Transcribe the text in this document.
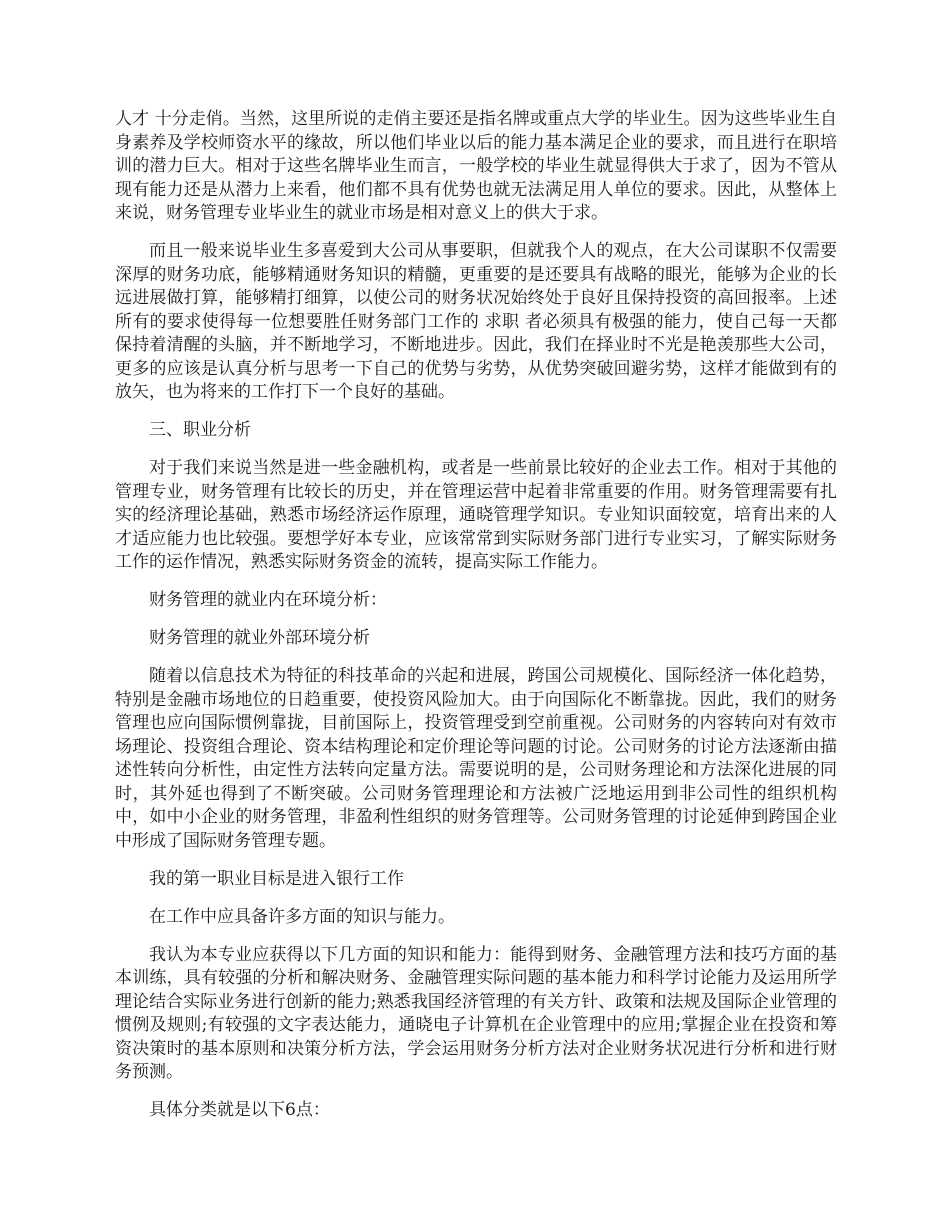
人才 十分走俏。当然，这里所说的走俏主要还是指名牌或重点大学的毕业生。因为这些毕业生自身素养及学校师资水平的缘故，所以他们毕业以后的能力基本满足企业的要求，而且进行在职培训的潜力巨大。相对于这些名牌毕业生而言，一般学校的毕业生就显得供大于求了，因为不管从现有能力还是从潜力上来看，他们都不具有优势也就无法满足用人单位的要求。因此，从整体上来说，财务管理专业毕业生的就业市场是相对意义上的供大于求。

而且一般来说毕业生多喜爱到大公司从事要职，但就我个人的观点，在大公司谋职不仅需要深厚的财务功底，能够精通财务知识的精髓，更重要的是还要具有战略的眼光，能够为企业的长远进展做打算，能够精打细算，以使公司的财务状况始终处于良好且保持投资的高回报率。上述所有的要求使得每一位想要胜任财务部门工作的 求职 者必须具有极强的能力，使自己每一天都保持着清醒的头脑，并不断地学习，不断地进步。因此，我们在择业时不光是艳羡那些大公司，更多的应该是认真分析与思考一下自己的优势与劣势，从优势突破回避劣势，这样才能做到有的放矢，也为将来的工作打下一个良好的基础。

三、职业分析

对于我们来说当然是进一些金融机构，或者是一些前景比较好的企业去工作。相对于其他的管理专业，财务管理有比较长的历史，并在管理运营中起着非常重要的作用。财务管理需要有扎实的经济理论基础，熟悉市场经济运作原理，通晓管理学知识。专业知识面较宽，培育出来的人才适应能力也比较强。要想学好本专业，应该常常到实际财务部门进行专业实习，了解实际财务工作的运作情况，熟悉实际财务资金的流转，提高实际工作能力。

财务管理的就业内在环境分析：

财务管理的就业外部环境分析

随着以信息技术为特征的科技革命的兴起和进展，跨国公司规模化、国际经济一体化趋势，特别是金融市场地位的日趋重要，使投资风险加大。由于向国际化不断靠拢。因此，我们的财务管理也应向国际惯例靠拢，目前国际上，投资管理受到空前重视。公司财务的内容转向对有效市场理论、投资组合理论、资本结构理论和定价理论等问题的讨论。公司财务的讨论方法逐渐由描述性转向分析性，由定性方法转向定量方法。需要说明的是，公司财务理论和方法深化进展的同时，其外延也得到了不断突破。公司财务管理理论和方法被广泛地运用到非公司性的组织机构中，如中小企业的财务管理，非盈利性组织的财务管理等。公司财务管理的讨论延伸到跨国企业中形成了国际财务管理专题。

我的第一职业目标是进入银行工作

在工作中应具备许多方面的知识与能力。

我认为本专业应获得以下几方面的知识和能力：能得到财务、金融管理方法和技巧方面的基本训练，具有较强的分析和解决财务、金融管理实际问题的基本能力和科学讨论能力及运用所学理论结合实际业务进行创新的能力;熟悉我国经济管理的有关方针、政策和法规及国际企业管理的惯例及规则;有较强的文字表达能力，通晓电子计算机在企业管理中的应用;掌握企业在投资和筹资决策时的基本原则和决策分析方法，学会运用财务分析方法对企业财务状况进行分析和进行财务预测。

具体分类就是以下6点：
